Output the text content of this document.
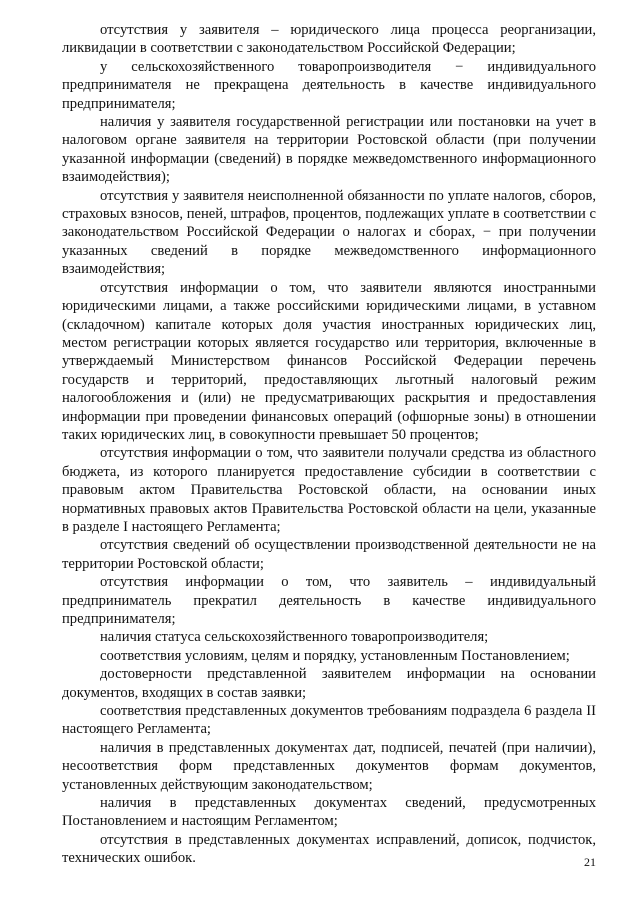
отсутствия у заявителя – юридического лица процесса реорганизации, ликвидации в соответствии с законодательством Российской Федерации;

у сельскохозяйственного товаропроизводителя − индивидуального предпринимателя не прекращена деятельность в качестве индивидуального предпринимателя;

наличия у заявителя государственной регистрации или постановки на учет в налоговом органе заявителя на территории Ростовской области (при получении указанной информации (сведений) в порядке межведомственного информационного взаимодействия);

отсутствия у заявителя неисполненной обязанности по уплате налогов, сборов, страховых взносов, пеней, штрафов, процентов, подлежащих уплате в соответствии с законодательством Российской Федерации о налогах и сборах, − при получении указанных сведений в порядке межведомственного информационного взаимодействия;

отсутствия информации о том, что заявители являются иностранными юридическими лицами, а также российскими юридическими лицами, в уставном (складочном) капитале которых доля участия иностранных юридических лиц, местом регистрации которых является государство или территория, включенные в утверждаемый Министерством финансов Российской Федерации перечень государств и территорий, предоставляющих льготный налоговый режим налогообложения и (или) не предусматривающих раскрытия и предоставления информации при проведении финансовых операций (офшорные зоны) в отношении таких юридических лиц, в совокупности превышает 50 процентов;

отсутствия информации о том, что заявители получали средства из областного бюджета, из которого планируется предоставление субсидии в соответствии с правовым актом Правительства Ростовской области, на основании иных нормативных правовых актов Правительства Ростовской области на цели, указанные в разделе I настоящего Регламента;

отсутствия сведений об осуществлении производственной деятельности не на территории Ростовской области;

отсутствия информации о том, что заявитель – индивидуальный предприниматель прекратил деятельность в качестве индивидуального предпринимателя;

наличия статуса сельскохозяйственного товаропроизводителя;

соответствия условиям, целям и порядку, установленным Постановлением;

достоверности представленной заявителем информации на основании документов, входящих в состав заявки;

соответствия представленных документов требованиям подраздела 6 раздела II настоящего Регламента;

наличия в представленных документах дат, подписей, печатей (при наличии), несоответствия форм представленных документов формам документов, установленных действующим законодательством;

наличия в представленных документах сведений, предусмотренных Постановлением и настоящим Регламентом;

отсутствия в представленных документах исправлений, дописок, подчисток, технических ошибок.	21
